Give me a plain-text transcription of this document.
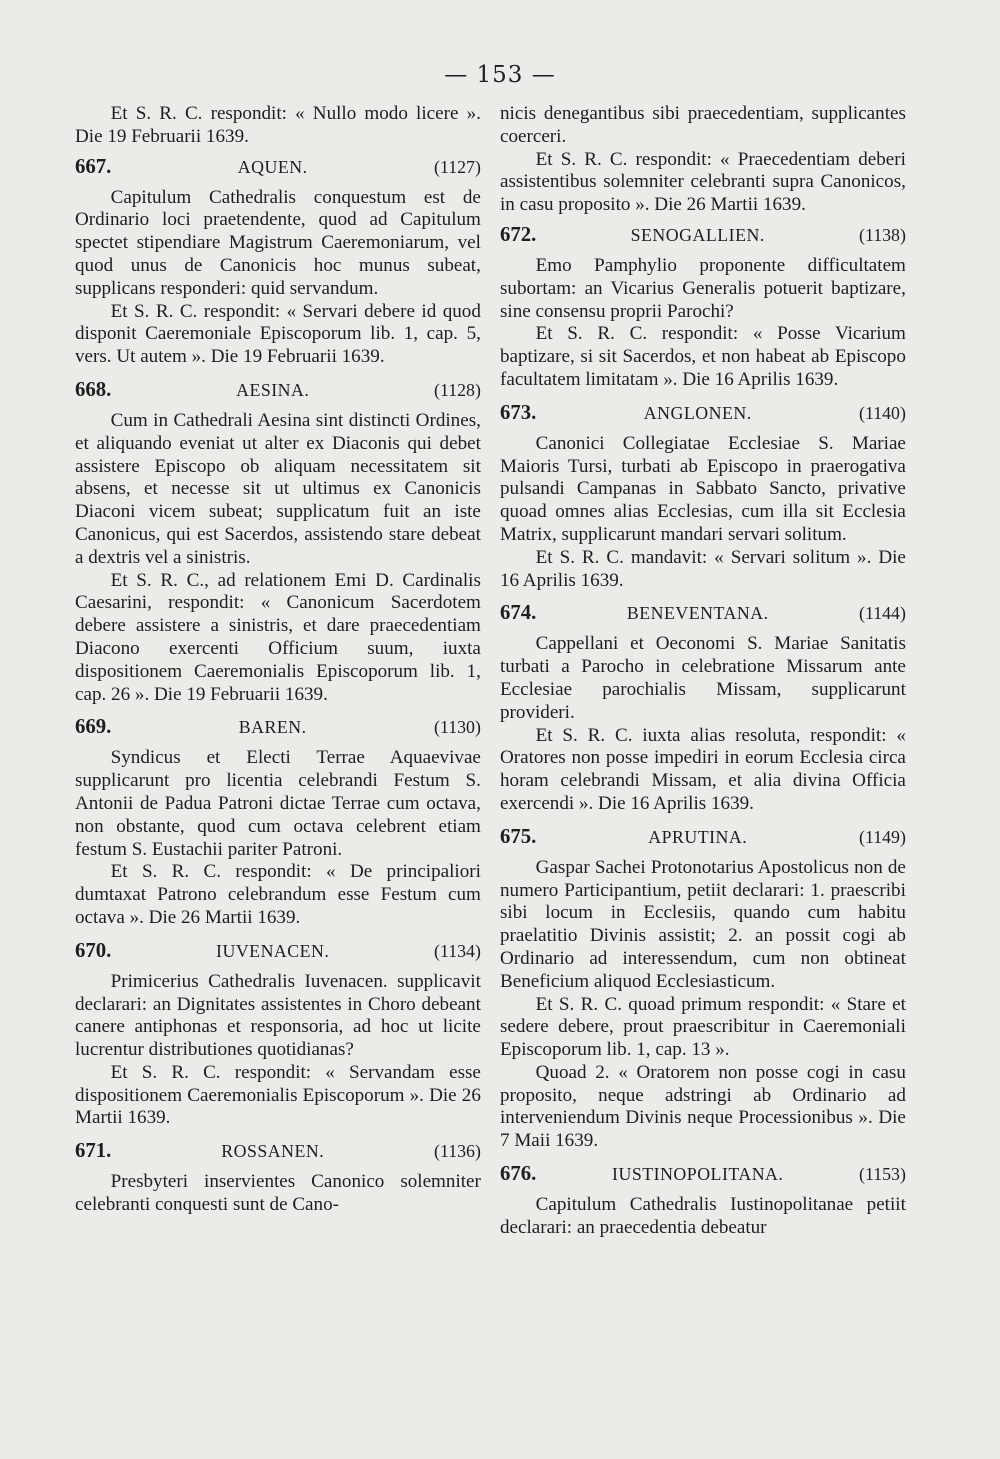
— 153 —

Et S. R. C. respondit: « Nullo modo licere ». Die 19 Februarii 1639.

667.	AQUEN.	(1127)

Capitulum Cathedralis conquestum est de Ordinario loci praetendente, quod ad Capitulum spectet stipendiare Magistrum Caeremoniarum, vel quod unus de Canonicis hoc munus subeat, supplicans responderi: quid servandum.

Et S. R. C. respondit: « Servari debere id quod disponit Caeremoniale Episcoporum lib. 1, cap. 5, vers. Ut autem ». Die 19 Februarii 1639.

668.	AESINA.	(1128)

Cum in Cathedrali Aesina sint distincti Ordines, et aliquando eveniat ut alter ex Diaconis qui debet assistere Episcopo ob aliquam necessitatem sit absens, et necesse sit ut ultimus ex Canonicis Diaconi vicem subeat; supplicatum fuit an iste Canonicus, qui est Sacerdos, assistendo stare debeat a dextris vel a sinistris.

Et S. R. C., ad relationem Emi D. Cardinalis Caesarini, respondit: « Canonicum Sacerdotem debere assistere a sinistris, et dare praecedentiam Diacono exercenti Officium suum, iuxta dispositionem Caeremonialis Episcoporum lib. 1, cap. 26 ». Die 19 Februarii 1639.

669.	BAREN.	(1130)

Syndicus et Electi Terrae Aquaevivae supplicarunt pro licentia celebrandi Festum S. Antonii de Padua Patroni dictae Terrae cum octava, non obstante, quod cum octava celebrent etiam festum S. Eustachii pariter Patroni.

Et S. R. C. respondit: « De principaliori dumtaxat Patrono celebrandum esse Festum cum octava ». Die 26 Martii 1639.

670.	IUVENACEN.	(1134)

Primicerius Cathedralis Iuvenacen. supplicavit declarari: an Dignitates assistentes in Choro debeant canere antiphonas et responsoria, ad hoc ut licite lucrentur distributiones quotidianas?

Et S. R. C. respondit: « Servandam esse dispositionem Caeremonialis Episcoporum ». Die 26 Martii 1639.

671.	ROSSANEN.	(1136)

Presbyteri inservientes Canonico solemniter celebranti conquesti sunt de Cano-

nicis denegantibus sibi praecedentiam, supplicantes coerceri.

Et S. R. C. respondit: « Praecedentiam deberi assistentibus solemniter celebranti supra Canonicos, in casu proposito ». Die 26 Martii 1639.

672.	SENOGALLIEN.	(1138)

Emo Pamphylio proponente difficultatem subortam: an Vicarius Generalis potuerit baptizare, sine consensu proprii Parochi?

Et S. R. C. respondit: « Posse Vicarium baptizare, si sit Sacerdos, et non habeat ab Episcopo facultatem limitatam ». Die 16 Aprilis 1639.

673.	ANGLONEN.	(1140)

Canonici Collegiatae Ecclesiae S. Mariae Maioris Tursi, turbati ab Episcopo in praerogativa pulsandi Campanas in Sabbato Sancto, privative quoad omnes alias Ecclesias, cum illa sit Ecclesia Matrix, supplicarunt mandari servari solitum.

Et S. R. C. mandavit: « Servari solitum ». Die 16 Aprilis 1639.

674.	BENEVENTANA.	(1144)

Cappellani et Oeconomi S. Mariae Sanitatis turbati a Parocho in celebratione Missarum ante Ecclesiae parochialis Missam, supplicarunt provideri.

Et S. R. C. iuxta alias resoluta, respondit: « Oratores non posse impediri in eorum Ecclesia circa horam celebrandi Missam, et alia divina Officia exercendi ». Die 16 Aprilis 1639.

675.	APRUTINA.	(1149)

Gaspar Sachei Protonotarius Apostolicus non de numero Participantium, petiit declarari: 1. praescribi sibi locum in Ecclesiis, quando cum habitu praelatitio Divinis assistit; 2. an possit cogi ab Ordinario ad interessendum, cum non obtineat Beneficium aliquod Ecclesiasticum.

Et S. R. C. quoad primum respondit: « Stare et sedere debere, prout praescribitur in Caeremoniali Episcoporum lib. 1, cap. 13 ».

Quoad 2. « Oratorem non posse cogi in casu proposito, neque adstringi ab Ordinario ad interveniendum Divinis neque Processionibus ». Die 7 Maii 1639.

676.	IUSTINOPOLITANA.	(1153)

Capitulum Cathedralis Iustinopolitanae petiit declarari: an praecedentia debeatur
